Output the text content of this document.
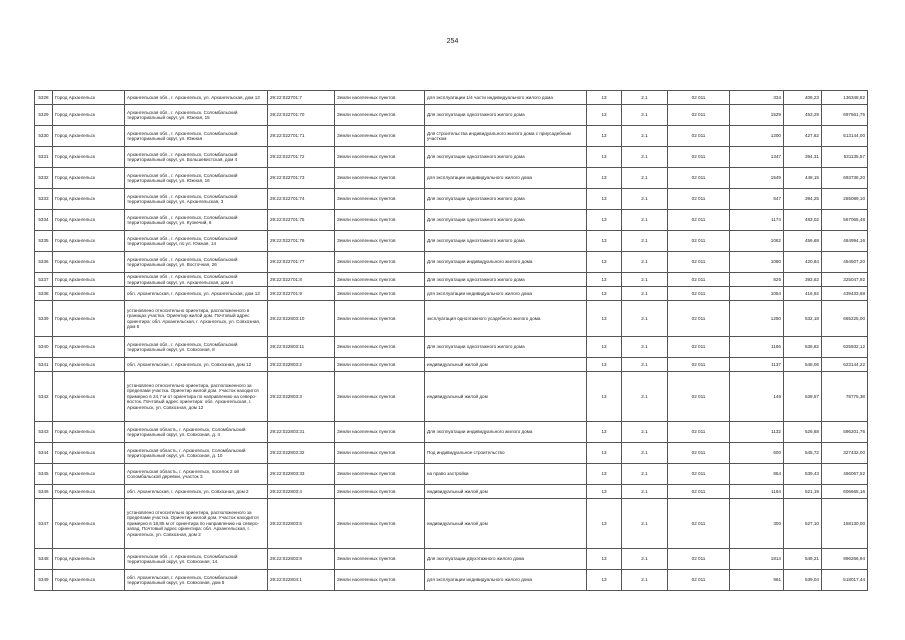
254
5328	Город Архангельск	Архангельская обл., г. Архангельск, ул. Архангельская, дом 13	29:22:022701:7	Земли населенных пунктов	для эксплуатации 1/4 части индивидуального жилого дома	13	2.1	02 011	334	408,23	136348,82
5329	Город Архангельск	Архангельская обл., г. Архангельск, Соломбальский территориальный округ, ул. Южная, 15	29:22:022701:70	Земли населенных пунктов	Для эксплуатации одноэтажного жилого дома	13	2.1	02 011	1529	453,29	697561,75
5330	Город Архангельск	Архангельская обл., г. Архангельск, Соломбальский территориальный округ, ул. Южная	29:22:022701:71	Земли населенных пунктов	Для строительства индивидуального жилого дома с приусадебным участком	13	2.1	02 011	1200	427,62	513144,00
5331	Город Архангельск	Архангельская обл., г. Архангельск, Соломбальский территориальный округ, ул. Большевистская, дом 4	29:22:022701:72	Земли населенных пунктов	Для эксплуатации одноэтажного жилого дома	13	2.1	02 011	1347	394,31	531135,57
5332	Город Архангельск	Архангельская обл., г. Архангельск, Соломбальский территориальный округ, ул. Южная, 16	29:22:022701:73	Земли населенных пунктов	для эксплуатации индивидуального жилого дома	13	2.1	02 011	1549	448,15	693736,20
5333	Город Архангельск	Архангельская обл., г. Архангельск, Соломбальский территориальный округ, ул. Архангельская, 3	29:22:022701:74	Земли населенных пунктов	Для эксплуатации одноэтажного жилого дома	13	2.1	02 011	647	394,25	255089,10
5334	Город Архангельск	Архангельская обл., г. Архангельск, Соломбальский территориальный округ, ул. Кузнечий, 6	29:22:022701:75	Земли населенных пунктов	Для эксплуатации одноэтажного жилого дома	13	2.1	02 011	1174	483,02	567065,48
5335	Город Архангельск	Архангельская обл., г. Архангельск, Соломбальский территориальный округ, по ул. Южная, 14	29:22:022701:76	Земли населенных пунктов	Для эксплуатации одноэтажного жилого дома	13	2.1	02 011	1062	456,68	484994,16
5336	Город Архангельск	Архангельская обл., г. Архангельск, Соломбальский территориальный округ, ул. Восточная, 26	29:22:022701:77	Земли населенных пунктов	Для эксплуатации индивидуального жилого дома	13	2.1	02 011	1080	420,84	454507,20
5337	Город Архангельск	Архангельская обл., г. Архангельск, Соломбальский территориальный округ, ул. Архангельская, дом 4	29:22:022701:8	Земли населенных пунктов	Для эксплуатации одноэтажного жилого дома	13	2.1	02 011	826	393,62	325047,92
5338	Город Архангельск	обл. Архангельская, г. Архангельск, ул. Архангельская, дом 13	29:22:022701:9	Земли населенных пунктов	для эксплуатации индивидуального жилого дома	13	2.1	02 011	1054	416,92	439433,68
5339	Город Архангельск	установлено относительно ориентира, расположенного в границах участка. Ориентир жилой дом. Почтовый адрес ориентира: обл. Архангельская, г. Архангельск, ул. Совхозная, дом 6	29:22:022803:10	Земли населенных пунктов	эксплуатация одноэтажного усадебного жилого дома	13	2.1	02 011	1250	532,18	665225,00
5340	Город Архангельск	Архангельская обл., г. Архангельск, Соломбальский территориальный округ, ул. Совхозная, 8	29:22:022803:11	Земли населенных пунктов	Для эксплуатации одноэтажного жилого дома	13	2.1	02 011	1166	536,82	625932,12
5341	Город Архангельск	обл. Архангельская, г. Архангельск, ул. Совхозная, дом 12	29:22:022803:2	Земли населенных пунктов	индивидуальный жилой дом	13	2.1	02 011	1137	548,06	623144,22
5342	Город Архангельск	установлено относительно ориентира, расположенного за пределами участка. Ориентир жилой дом. Участок находится примерно в 24,7 м от ориентира по направлению на северо-восток. Почтовый адрес ориентира: обл. Архангельская, г. Архангельск, ул. Совхозная, дом 12	29:22:022803:3	Земли населенных пунктов	индивидуальный жилой дом	13	2.1	02 011	146	539,57	78775,38
5343	Город Архангельск	Архангельская область, г. Архангельск, Соломбальский территориальный округ, ул. Совхозная, д. 4	29:22:022803:31	Земли населенных пунктов	Для эксплуатации индивидуального жилого дома	13	2.1	02 011	1132	526,68	596201,76
5344	Город Архангельск	Архангельская область, г. Архангельск, Соломбальский территориальный округ, ул. Совхозная, д. 10	29:22:022803:32	Земли населенных пунктов	Под индивидуальное строительство	13	2.1	02 011	600	545,72	327432,00
5345	Город Архангельск	Архангельская область, г. Архангельск, поселок 2 ой Соломбальской деревни, участок 3	29:22:022803:33	Земли населенных пунктов	на право застройки	13	2.1	02 011	864	539,43	466067,52
5346	Город Архангельск	обл. Архангельская, г. Архангельск, ул. Совхозная, дом 2	29:22:022803:4	Земли населенных пунктов	индивидуальный жилой дом	13	2.1	02 011	1164	521,19	606665,16
5347	Город Архангельск	установлено относительно ориентира, расположенного за пределами участка. Ориентир жилой дом. Участок находится примерно в 18,85 м от ориентира по направлению на северо-запад. Почтовый адрес ориентира: обл. Архангельская, г. Архангельск, ул. Совхозная, дом 2	29:22:022803:5	Земли населенных пунктов	индивидуальный жилой дом	13	2.1	02 011	300	527,10	158130,00
5348	Город Архангельск	Архангельская обл., г. Архангельск, Соломбальский территориальный округ, ул. Совхозная, 14	29:22:022803:8	Земли населенных пунктов	Для эксплуатации двухэтажного жилого дома	13	2.1	02 011	1814	549,21	996266,94
5349	Город Архангельск	обл. Архангельская, г. Архангельск, Соломбальский территориальный округ, ул. Совхозная, дом 5	29:22:022804:1	Земли населенных пунктов	для эксплуатации индивидуального жилого дома	13	2.1	02 011	961	539,04	518017,44
